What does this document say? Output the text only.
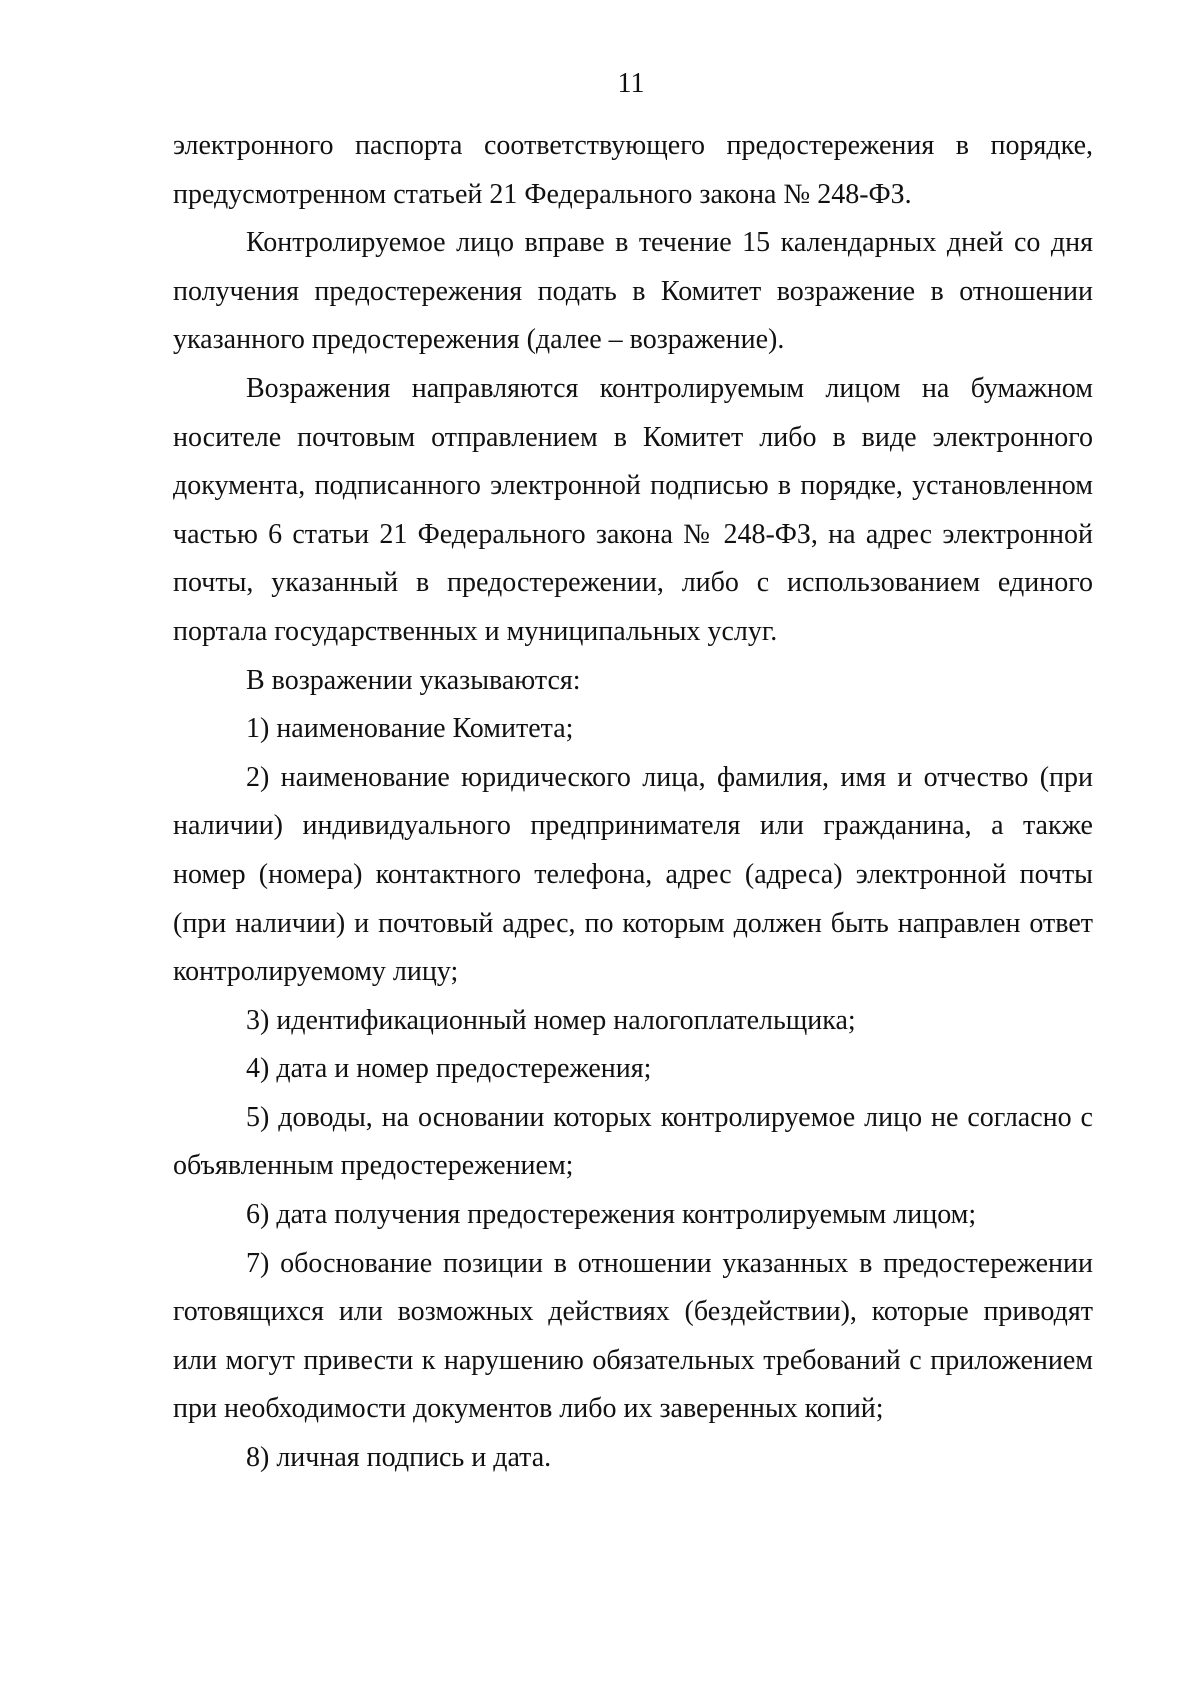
11

электронного паспорта соответствующего предостережения в порядке, предусмотренном статьей 21 Федерального закона № 248-ФЗ.

Контролируемое лицо вправе в течение 15 календарных дней со дня получения предостережения подать в Комитет возражение в отношении указанного предостережения (далее – возражение).

Возражения направляются контролируемым лицом на бумажном носителе почтовым отправлением в Комитет либо в виде электронного документа, подписанного электронной подписью в порядке, установленном частью 6 статьи 21 Федерального закона № 248-ФЗ, на адрес электронной почты, указанный в предостережении, либо с использованием единого портала государственных и муниципальных услуг.

В возражении указываются:

1) наименование Комитета;

2) наименование юридического лица, фамилия, имя и отчество (при наличии) индивидуального предпринимателя или гражданина, а также номер (номера) контактного телефона, адрес (адреса) электронной почты (при наличии) и почтовый адрес, по которым должен быть направлен ответ контролируемому лицу;

3) идентификационный номер налогоплательщика;

4) дата и номер предостережения;

5) доводы, на основании которых контролируемое лицо не согласно с объявленным предостережением;

6) дата получения предостережения контролируемым лицом;

7) обоснование позиции в отношении указанных в предостережении готовящихся или возможных действиях (бездействии), которые приводят или могут привести к нарушению обязательных требований с приложением при необходимости документов либо их заверенных копий;

8) личная подпись и дата.
